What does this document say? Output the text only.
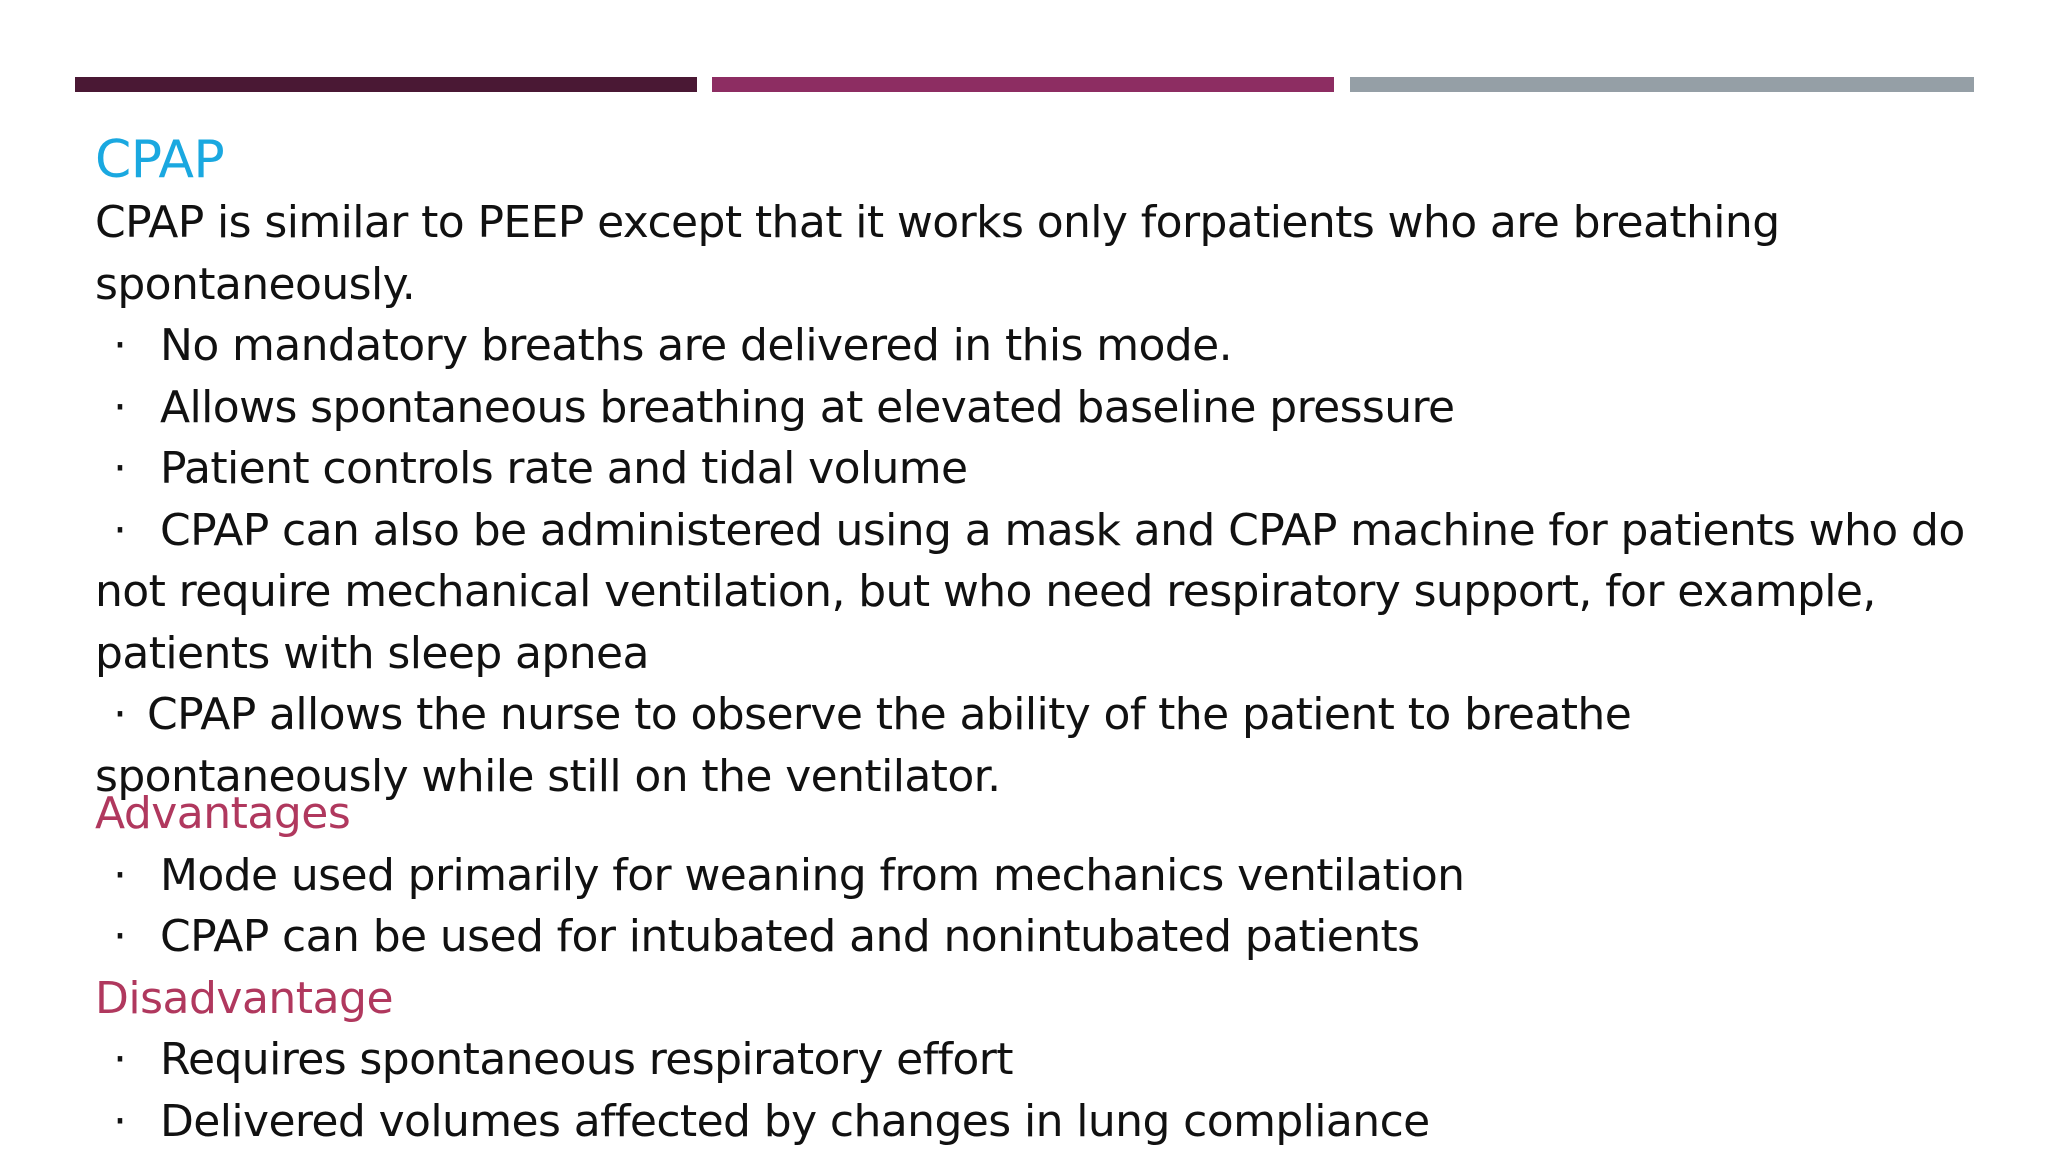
CPAP
CPAP is similar to PEEP except that it works only forpatients who are breathing
spontaneously.
· No mandatory breaths are delivered in this mode.
· Allows spontaneous breathing at elevated baseline pressure
· Patient controls rate and tidal volume
· CPAP can also be administered using a mask and CPAP machine for patients who do
not require mechanical ventilation, but who need respiratory support, for example,
patients with sleep apnea
· CPAP allows the nurse to observe the ability of the patient to breathe
spontaneously while still on the ventilator.
Advantages
· Mode used primarily for weaning from mechanics ventilation
· CPAP can be used for intubated and nonintubated patients
Disadvantage
· Requires spontaneous respiratory effort
· Delivered volumes affected by changes in lung compliance
